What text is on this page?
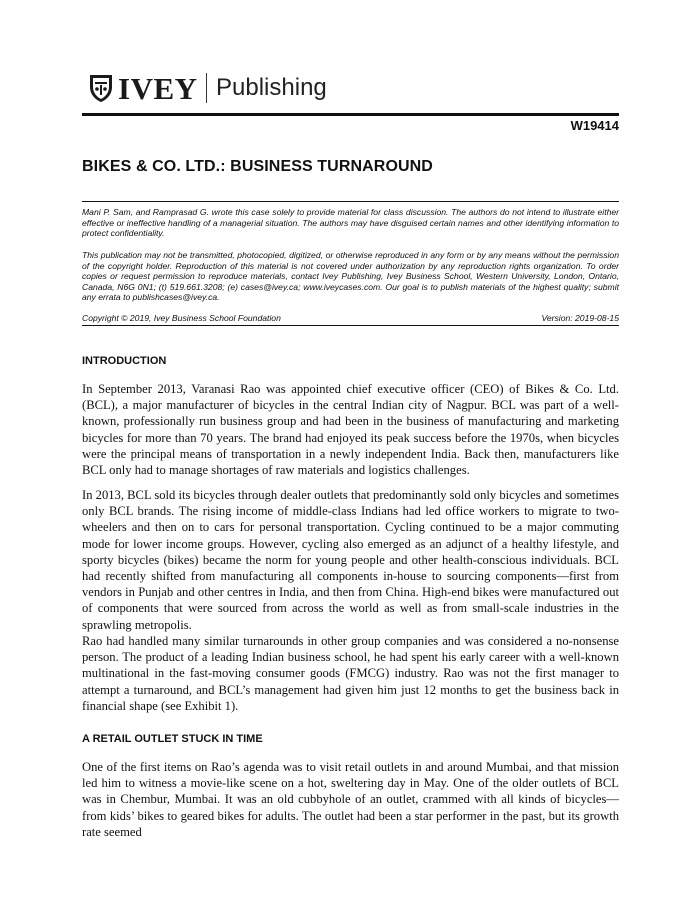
IVEY Publishing
W19414
BIKES & CO. LTD.: BUSINESS TURNAROUND
Mani P. Sam, and Ramprasad G. wrote this case solely to provide material for class discussion. The authors do not intend to illustrate either effective or ineffective handling of a managerial situation. The authors may have disguised certain names and other identifying information to protect confidentiality.
This publication may not be transmitted, photocopied, digitized, or otherwise reproduced in any form or by any means without the permission of the copyright holder. Reproduction of this material is not covered under authorization by any reproduction rights organization. To order copies or request permission to reproduce materials, contact Ivey Publishing, Ivey Business School, Western University, London, Ontario, Canada, N6G 0N1; (t) 519.661.3208; (e) cases@ivey.ca; www.iveycases.com. Our goal is to publish materials of the highest quality; submit any errata to publishcases@ivey.ca.
Copyright © 2019, Ivey Business School Foundation	Version: 2019-08-15
INTRODUCTION
In September 2013, Varanasi Rao was appointed chief executive officer (CEO) of Bikes & Co. Ltd. (BCL), a major manufacturer of bicycles in the central Indian city of Nagpur. BCL was part of a well-known, professionally run business group and had been in the business of manufacturing and marketing bicycles for more than 70 years. The brand had enjoyed its peak success before the 1970s, when bicycles were the principal means of transportation in a newly independent India. Back then, manufacturers like BCL only had to manage shortages of raw materials and logistics challenges.
In 2013, BCL sold its bicycles through dealer outlets that predominantly sold only bicycles and sometimes only BCL brands. The rising income of middle-class Indians had led office workers to migrate to two-wheelers and then on to cars for personal transportation. Cycling continued to be a major commuting mode for lower income groups. However, cycling also emerged as an adjunct of a healthy lifestyle, and sporty bicycles (bikes) became the norm for young people and other health-conscious individuals. BCL had recently shifted from manufacturing all components in-house to sourcing components—first from vendors in Punjab and other centres in India, and then from China. High-end bikes were manufactured out of components that were sourced from across the world as well as from small-scale industries in the sprawling metropolis.
Rao had handled many similar turnarounds in other group companies and was considered a no-nonsense person. The product of a leading Indian business school, he had spent his early career with a well-known multinational in the fast-moving consumer goods (FMCG) industry. Rao was not the first manager to attempt a turnaround, and BCL’s management had given him just 12 months to get the business back in financial shape (see Exhibit 1).
A RETAIL OUTLET STUCK IN TIME
One of the first items on Rao’s agenda was to visit retail outlets in and around Mumbai, and that mission led him to witness a movie-like scene on a hot, sweltering day in May. One of the older outlets of BCL was in Chembur, Mumbai. It was an old cubbyhole of an outlet, crammed with all kinds of bicycles—from kids’ bikes to geared bikes for adults. The outlet had been a star performer in the past, but its growth rate seemed
